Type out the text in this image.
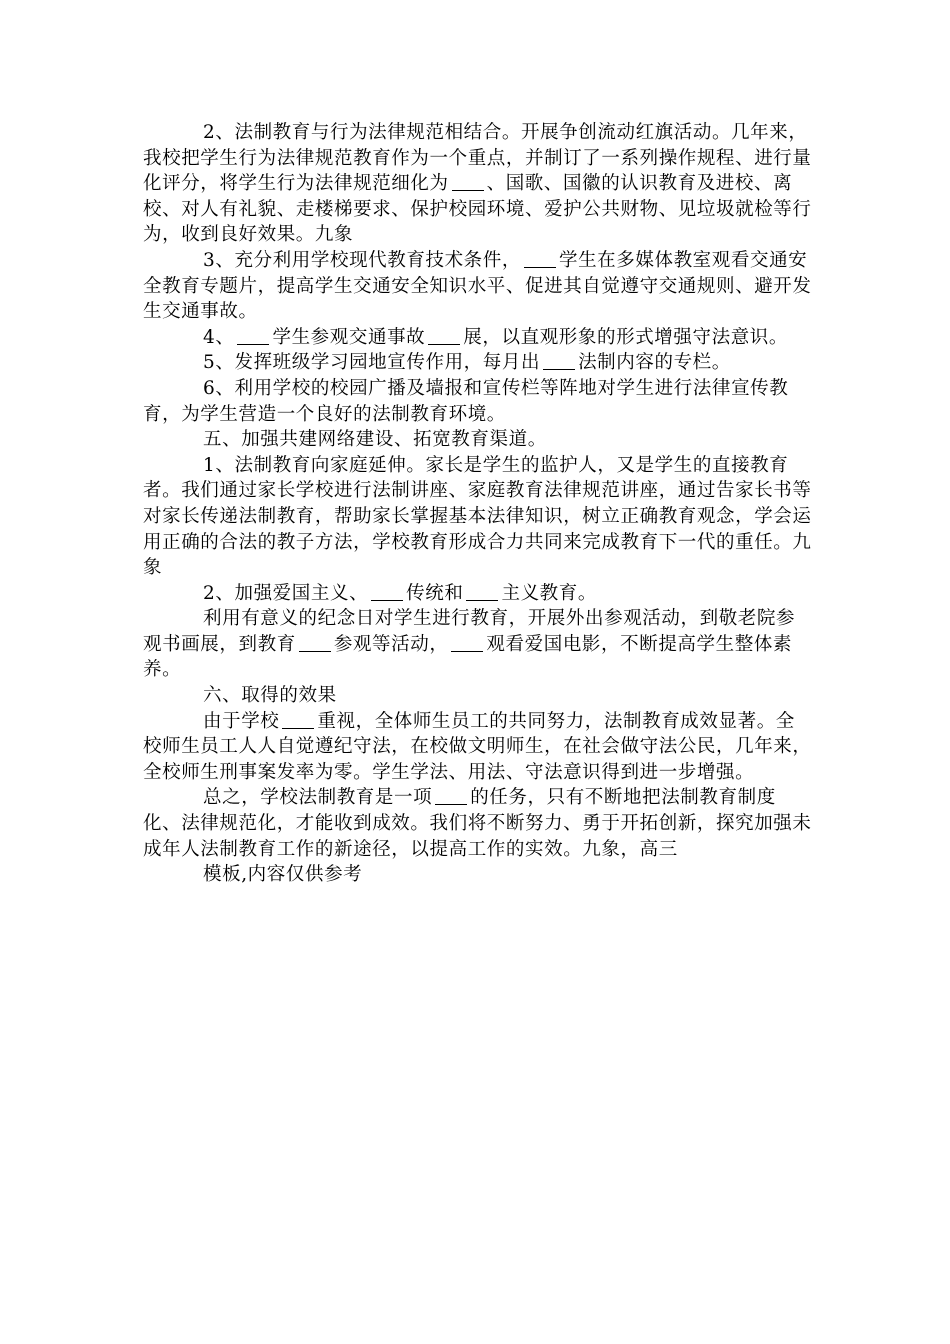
2、法制教育与行为法律规范相结合。开展争创流动红旗活动。几年来，我校把学生行为法律规范教育作为一个重点，并制订了一系列操作规程、进行量化评分，将学生行为法律规范细化为 、国歌、国徽的认识教育及进校、离校、对人有礼貌、走楼梯要求、保护校园环境、爱护公共财物、见垃圾就检等行为，收到良好效果。九象

3、充分利用学校现代教育技术条件， 学生在多媒体教室观看交通安全教育专题片，提高学生交通安全知识水平、促进其自觉遵守交通规则、避开发生交通事故。

4、 学生参观交通事故 展，以直观形象的形式增强守法意识。

5、发挥班级学习园地宣传作用，每月出 法制内容的专栏。

6、利用学校的校园广播及墙报和宣传栏等阵地对学生进行法律宣传教育，为学生营造一个良好的法制教育环境。

五、加强共建网络建设、拓宽教育渠道。

1、法制教育向家庭延伸。家长是学生的监护人，又是学生的直接教育者。我们通过家长学校进行法制讲座、家庭教育法律规范讲座，通过告家长书等对家长传递法制教育，帮助家长掌握基本法律知识，树立正确教育观念，学会运用正确的合法的教子方法，学校教育形成合力共同来完成教育下一代的重任。九象

2、加强爱国主义、 传统和 主义教育。

利用有意义的纪念日对学生进行教育，开展外出参观活动，到敬老院参观书画展，到教育 参观等活动， 观看爱国电影，不断提高学生整体素养。

六、取得的效果

由于学校 重视，全体师生员工的共同努力，法制教育成效显著。全校师生员工人人自觉遵纪守法，在校做文明师生，在社会做守法公民，几年来，全校师生刑事案发率为零。学生学法、用法、守法意识得到进一步增强。

总之，学校法制教育是一项 的任务，只有不断地把法制教育制度化、法律规范化，才能收到成效。我们将不断努力、勇于开拓创新，探究加强未成年人法制教育工作的新途径，以提高工作的实效。九象，高三

模板,内容仅供参考
